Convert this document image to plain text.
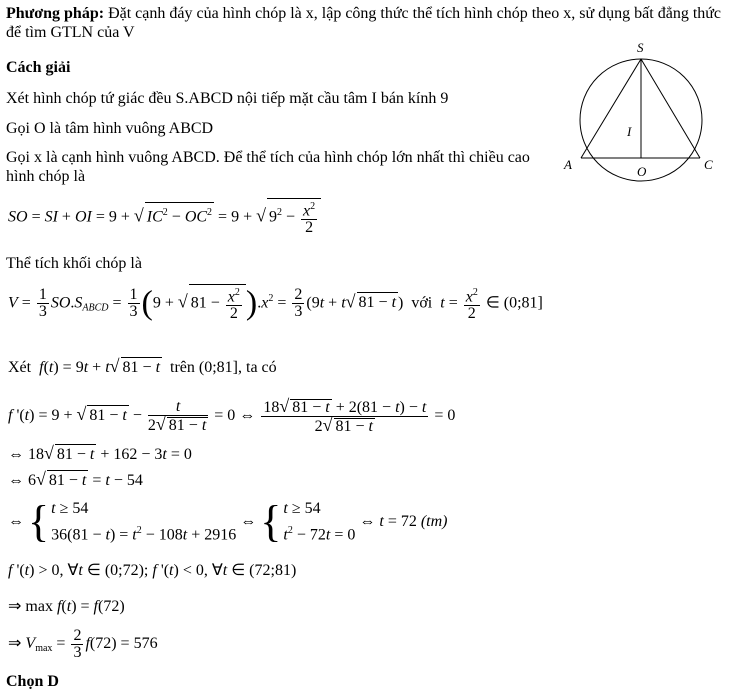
Phương pháp: Đặt cạnh đáy của hình chóp là x, lập công thức thể tích hình chóp theo x, sử dụng bất đẳng thức
để tìm GTLN của V
Cách giải
Xét hình chóp tứ giác đều S.ABCD nội tiếp mặt cầu tâm I bán kính 9
Gọi O là tâm hình vuông ABCD
Gọi x là cạnh hình vuông ABCD. Để thể tích của hình chóp lớn nhất thì chiều cao
hình chóp là
S
A	C
O
I
SO = SI + OI = 9 + √ $IC^2 - OC^2 = 9$ + √ $9^2 - \frac{x^2}{2}$
Thể tích khối chóp là
$V = \frac{1}{3} SO.S_{ABCD} = \frac{1}{3} (9$ + √ $81 - \frac{x^2}{2} ).x^2 = \frac{2}{3} (9t + t√$ 81 − t )  với $t = \frac{x^2}{2}$ ∈ (0;81]
Xét f(t) = 9t + t√ 81 − t trên (0;81], ta có
f '(t) = 9 + √ $81 - t - \frac{t}{2√ 81 - t} = 0$ ⇔ $\frac{18√ 81 - t + 2(81 - t) - t}{2√ 81 - t} = 0$
⇔ 18√ 81 − t + 162 − 3t = 0
⇔ 6√ 81 − t = t − 54
⇔ { t ≥ 54
$36(81 - t) = t^2 - 108t + 2916$ ⇔ { t ≥ 54
$t^2 - 72t = 0$ ⇔ t = 72 (tm)
f '(t) > 0, ∀t ∈ (0;72); f '(t) < 0, ∀t ∈ (72;81)
⇒ max f(t) = f(72)
⇒ $V_{max} = \frac{2}{3} f(72) = 576$
Chọn D
